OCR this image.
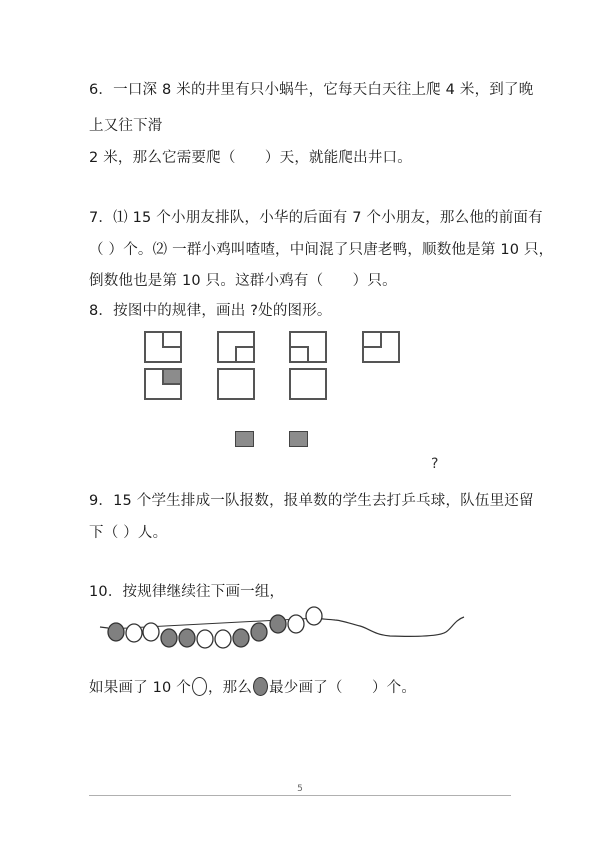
6．一口深 8 米的井里有只小蜗牛，它每天白天往上爬 4 米，到了晚
上又往下滑
2 米，那么它需要爬（　　）天，就能爬出井口。
7．⑴ 15 个小朋友排队，小华的后面有 7 个小朋友，那么他的前面有
（ ）个。⑵ 一群小鸡叫喳喳，中间混了只唐老鸭，顺数他是第 10 只，
倒数他也是第 10 只。这群小鸡有（　　）只。
8．按图中的规律，画出 ?处的图形。
?
9．15 个学生排成一队报数，报单数的学生去打乒乓球，队伍里还留
下（ ）人。
10．按规律继续往下画一组，
如果画了 10 个 ，那么 最少画了（　　）个。
5
